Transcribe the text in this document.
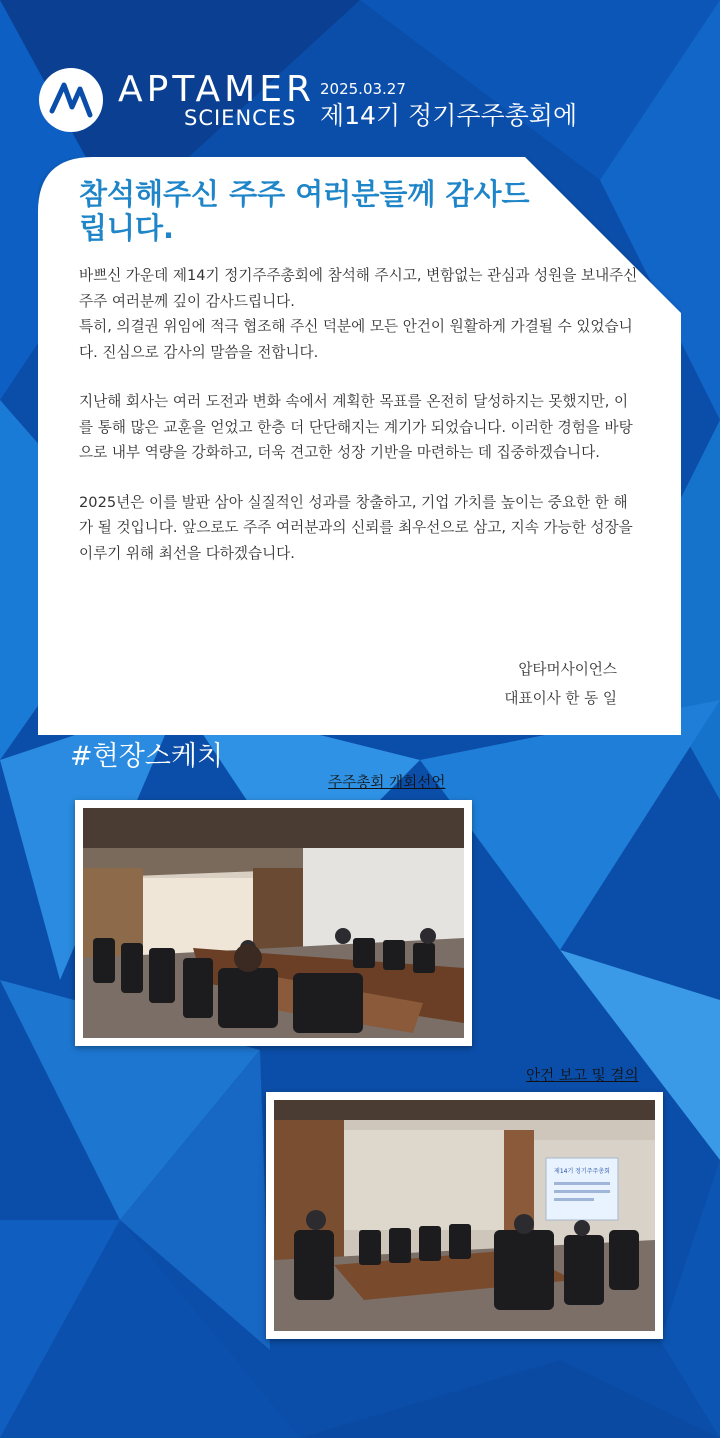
APTAMER
SCIENCES
2025.03.27
제14기 정기주주총회에
참석해주신 주주 여러분들께 감사드립니다.

바쁘신 가운데 제14기 정기주주총회에 참석해 주시고, 변함없는 관심과 성원을 보내주신 주주 여러분께 깊이 감사드립니다.
특히, 의결권 위임에 적극 협조해 주신 덕분에 모든 안건이 원활하게 가결될 수 있었습니다. 진심으로 감사의 말씀을 전합니다.

지난해 회사는 여러 도전과 변화 속에서 계획한 목표를 온전히 달성하지는 못했지만, 이를 통해 많은 교훈을 얻었고 한층 더 단단해지는 계기가 되었습니다. 이러한 경험을 바탕으로 내부 역량을 강화하고, 더욱 견고한 성장 기반을 마련하는 데 집중하겠습니다.

2025년은 이를 발판 삼아 실질적인 성과를 창출하고, 기업 가치를 높이는 중요한 한 해가 될 것입니다. 앞으로도 주주 여러분과의 신뢰를 최우선으로 삼고, 지속 가능한 성장을 이루기 위해 최선을 다하겠습니다.

압타머사이언스
대표이사 한 동 일
#현장스케치
주주총회 개회선언
안건 보고 및 결의
제14기 정기주주총회
